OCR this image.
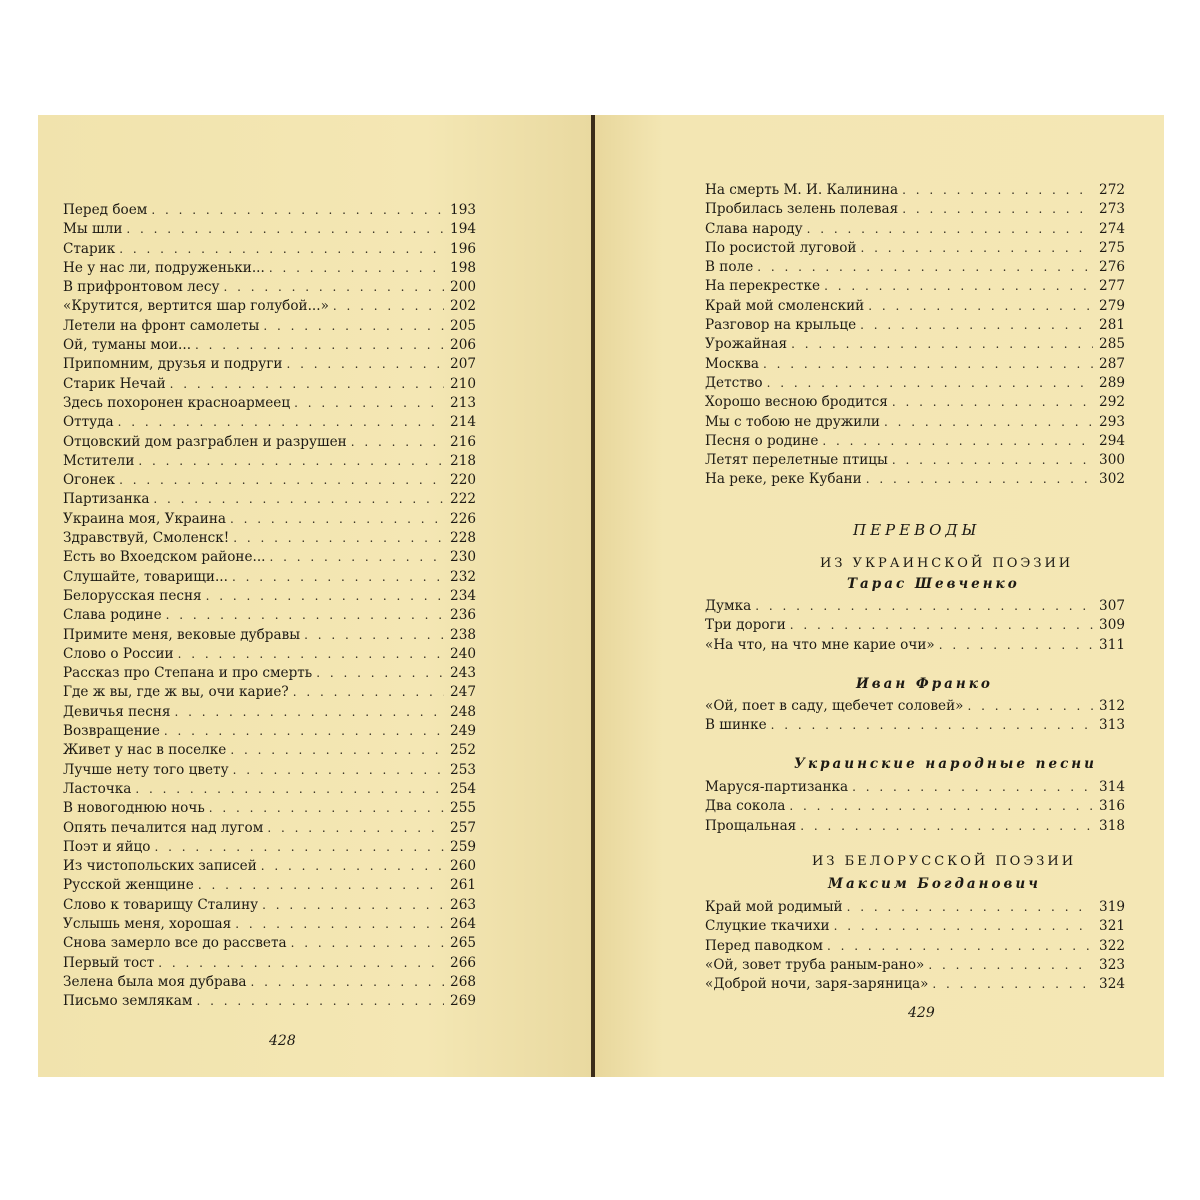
Перед боем . . .	193
Мы шли . . .	194
Старик . . .	196
Не у нас ли, подруженьки... . . .	198
В прифронтовом лесу . . .	200
«Крутится, вертится шар голубой...» . . .	202
Летели на фронт самолеты . . .	205
Ой, туманы мои... . . .	206
Припомним, друзья и подруги . . .	207
Старик Нечай . . .	210
Здесь похоронен красноармеец . . .	213
Оттуда . . .	214
Отцовский дом разграблен и разрушен . . .	216
Мстители . . .	218
Огонек . . .	220
Партизанка . . .	222
Украина моя, Украина . . .	226
Здравствуй, Смоленск! . . .	228
Есть во Вхоедском районе... . . .	230
Слушайте, товарищи... . . .	232
Белорусская песня . . .	234
Слава родине . . .	236
Примите меня, вековые дубравы . . .	238
Слово о России . . .	240
Рассказ про Степана и про смерть . . .	243
Где ж вы, где ж вы, очи карие? . . .	247
Девичья песня . . .	248
Возвращение . . .	249
Живет у нас в поселке . . .	252
Лучше нету того цвету . . .	253
Ласточка . . .	254
В новогоднюю ночь . . .	255
Опять печалится над лугом . . .	257
Поэт и яйцо . . .	259
Из чистопольских записей . . .	260
Русской женщине . . .	261
Слово к товарищу Сталину . . .	263
Услышь меня, хорошая . . .	264
Снова замерло все до рассвета . . .	265
Первый тост . . .	266
Зелена была моя дубрава . . .	268
Письмо землякам . . .	269
428
На смерть М. И. Калинина . . .	272
Пробилась зелень полевая . . .	273
Слава народу . . .	274
По росистой луговой . . .	275
В поле . . .	276
На перекрестке . . .	277
Край мой смоленский . . .	279
Разговор на крыльце . . .	281
Урожайная . . .	285
Москва . . .	287
Детство . . .	289
Хорошо весною бродится . . .	292
Мы с тобою не дружили . . .	293
Песня о родине . . .	294
Летят перелетные птицы . . .	300
На реке, реке Кубани . . .	302
ПЕРЕВОДЫ
ИЗ УКРАИНСКОЙ ПОЭЗИИ
Тарас Шевченко
Думка . . .	307
Три дороги . . .	309
«На что, на что мне карие очи» . . .	311
Иван Франко
«Ой, поет в саду, щебечет соловей» . . .	312
В шинке . . .	313
Украинские народные песни
Маруся-партизанка . . .	314
Два сокола . . .	316
Прощальная . . .	318
ИЗ БЕЛОРУССКОЙ ПОЭЗИИ
Максим Богданович
Край мой родимый . . .	319
Слуцкие ткачихи . . .	321
Перед паводком . . .	322
«Ой, зовет труба раным-рано» . . .	323
«Доброй ночи, заря-заряница» . . .	324
429
